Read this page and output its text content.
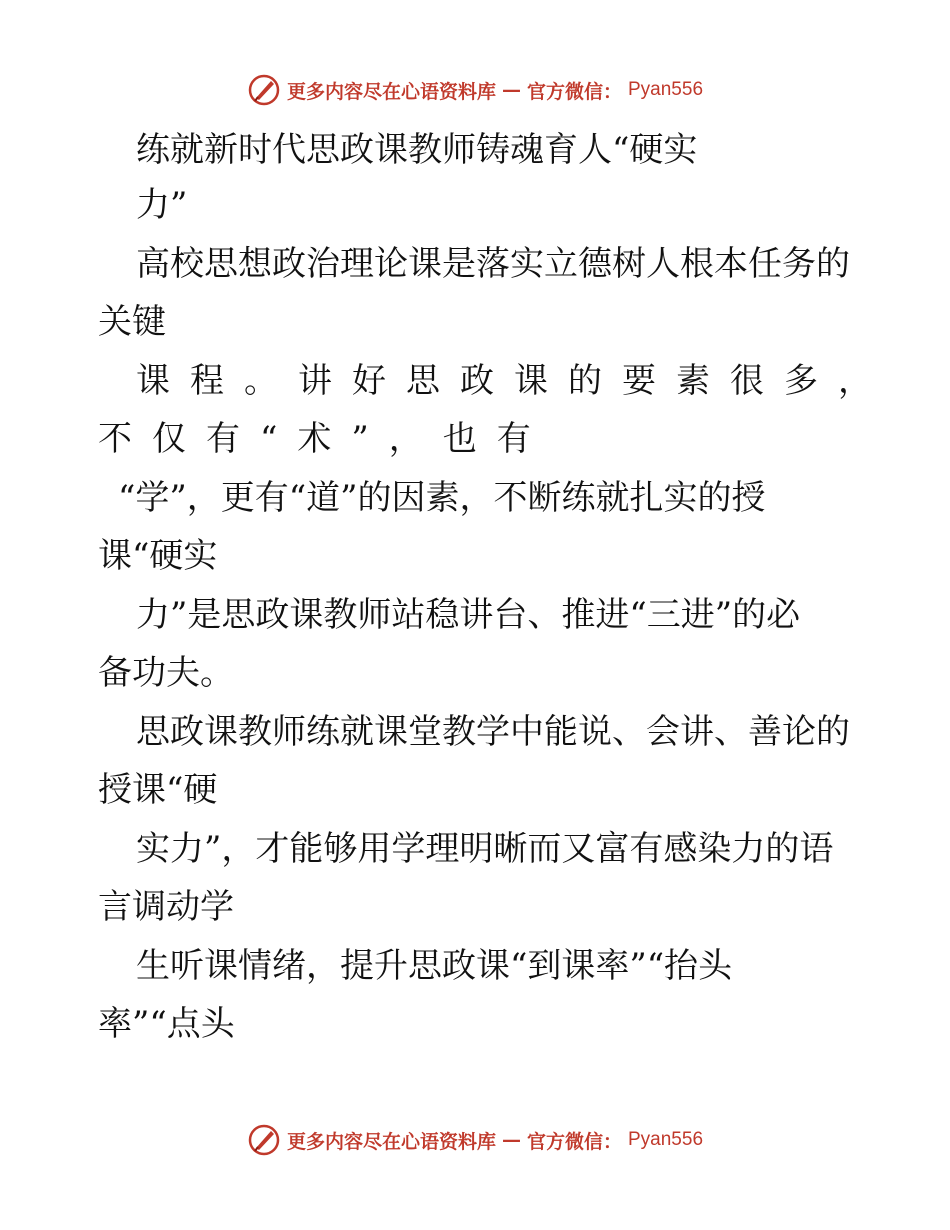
更多内容尽在心语资料库 — 官方微信： Pyan556
练就新时代思政课教师铸魂育人“硬实
力”
高校思想政治理论课是落实立德树人根本任务的
关键
课程。讲好思政课的要素很多，
不仅有“术”，也有
“学”，更有“道”的因素，不断练就扎实的授
课“硬实
力”是思政课教师站稳讲台、推进“三进”的必
备功夫。
思政课教师练就课堂教学中能说、会讲、善论的
授课“硬
实力”，才能够用学理明晰而又富有感染力的语
言调动学
生听课情绪，提升思政课“到课率”“抬头
率”“点头
更多内容尽在心语资料库 — 官方微信： Pyan556
